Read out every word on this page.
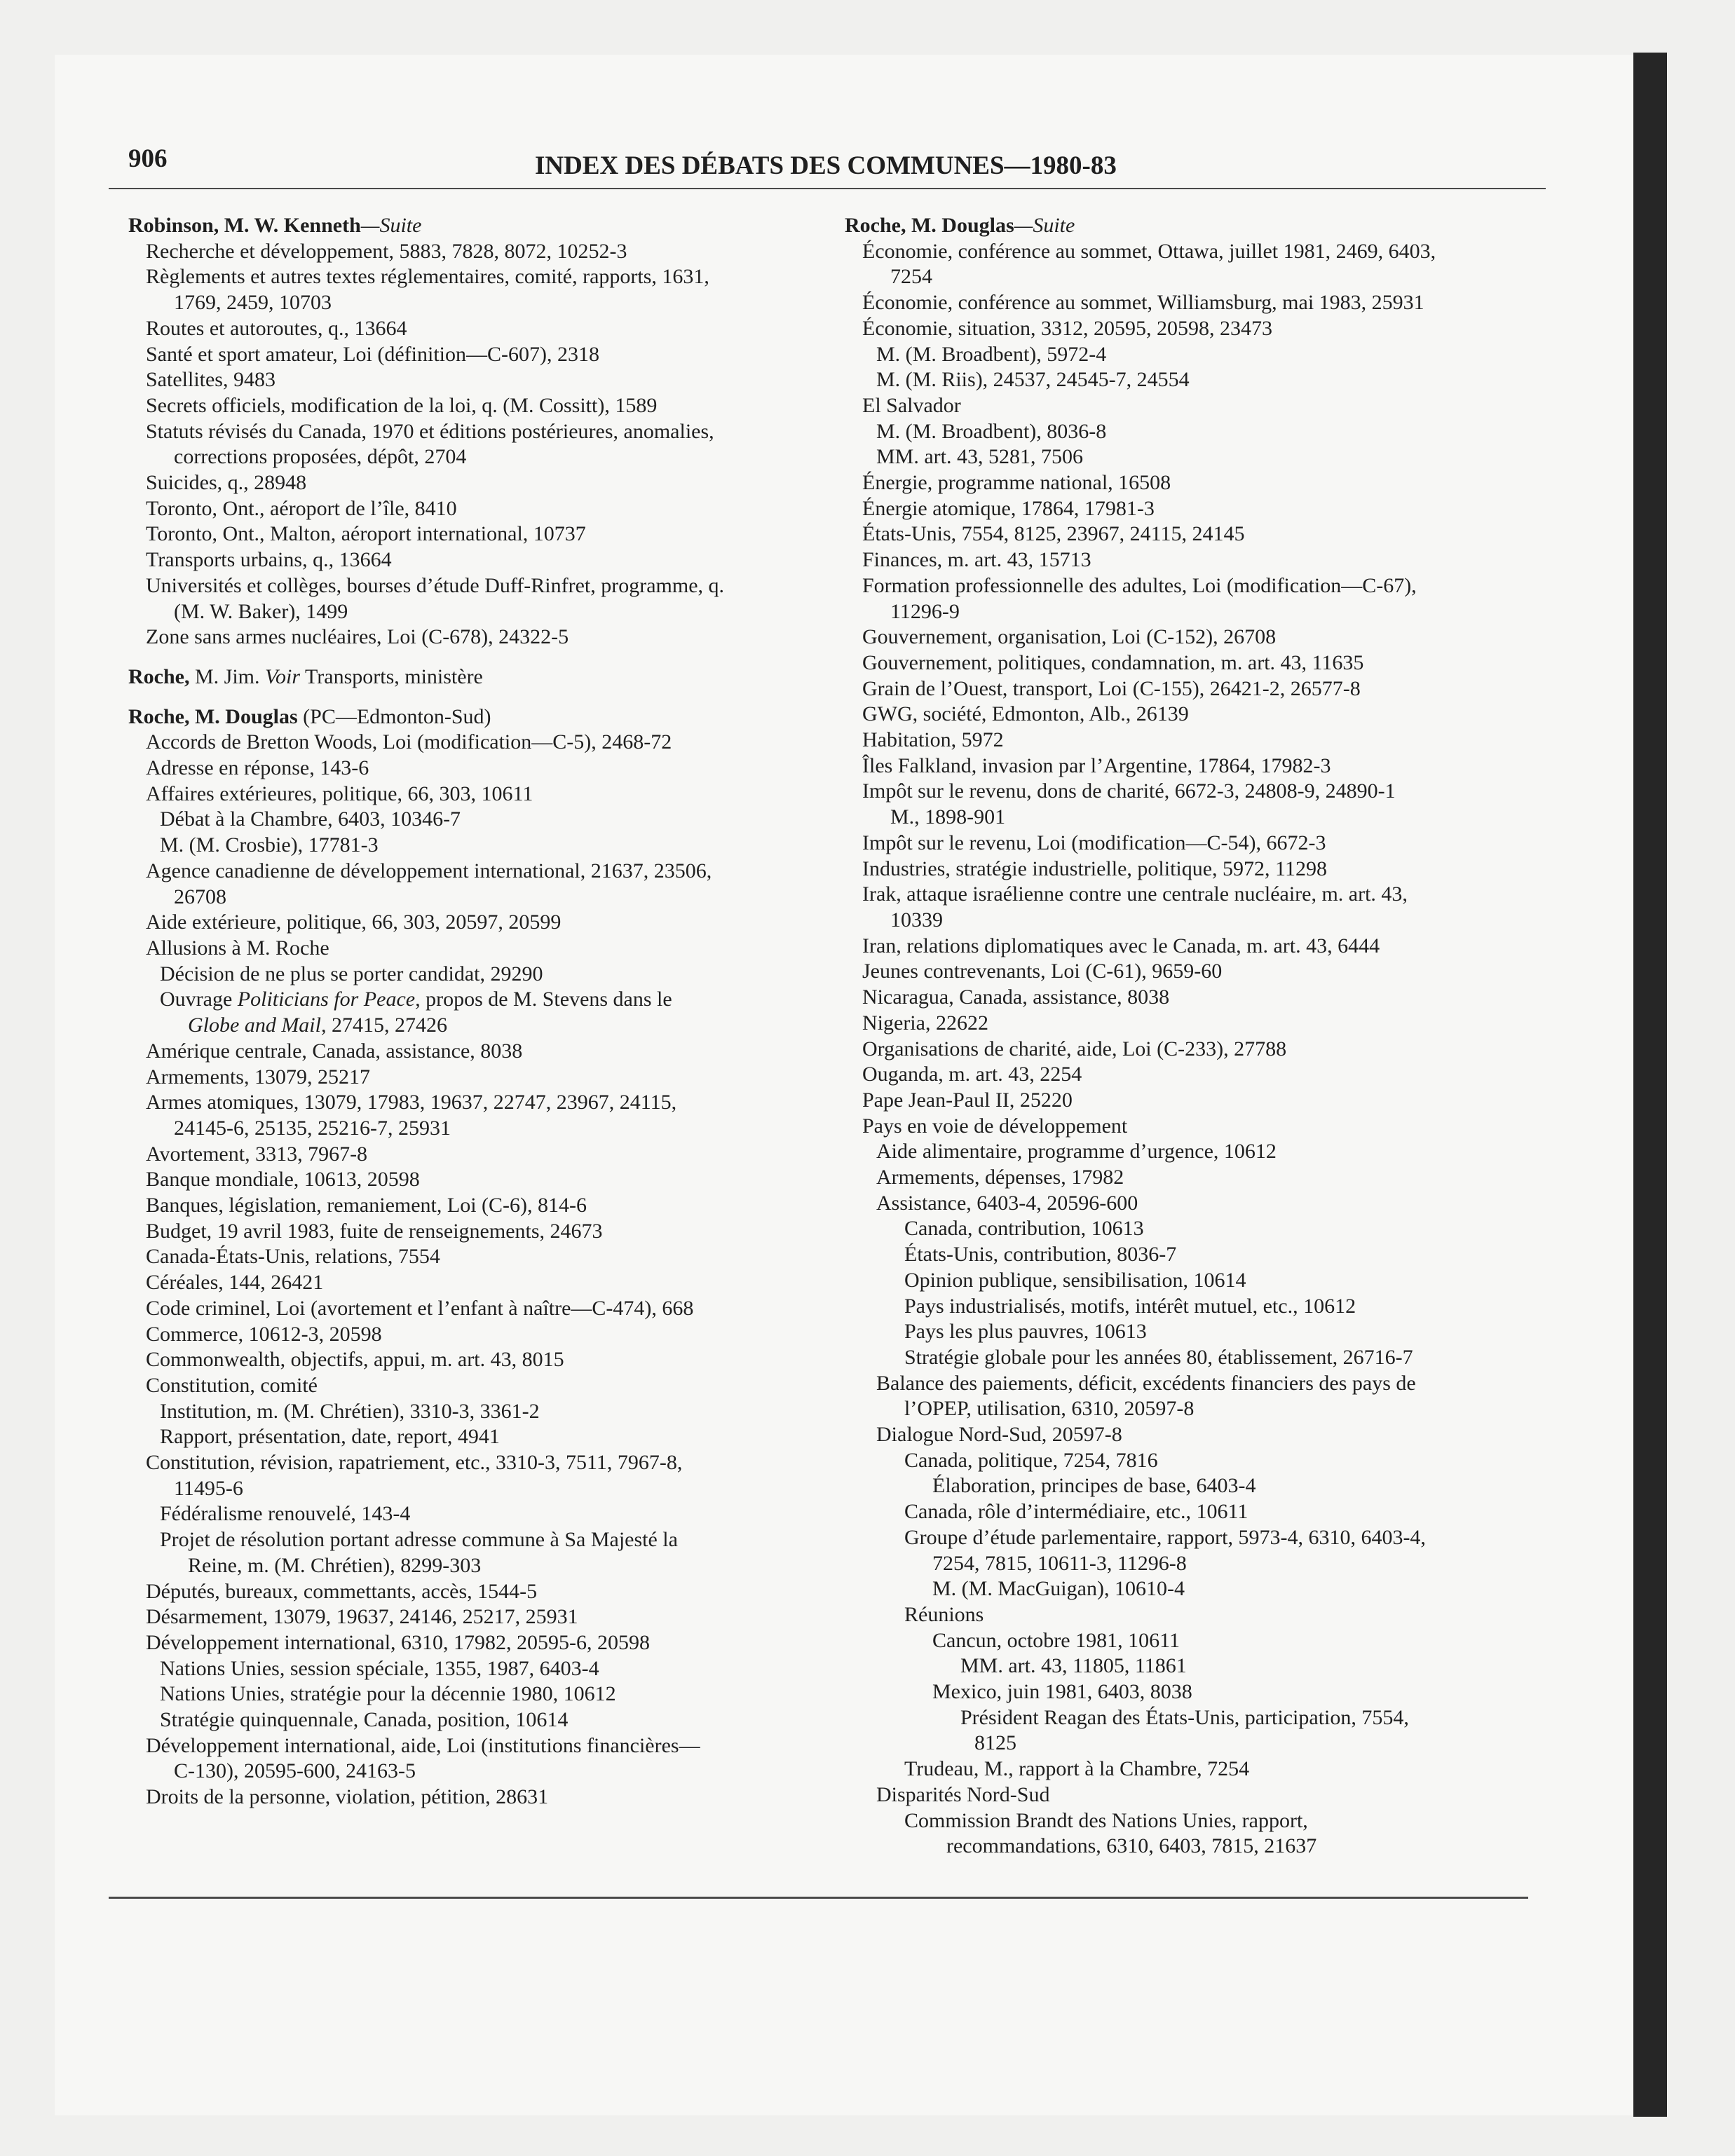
906	INDEX DES DÉBATS DES COMMUNES—1980-83
Robinson, M. W. Kenneth—Suite
Recherche et développement, 5883, 7828, 8072, 10252-3
Règlements et autres textes réglementaires, comité, rapports, 1631,
1769, 2459, 10703
Routes et autoroutes, q., 13664
Santé et sport amateur, Loi (définition—C-607), 2318
Satellites, 9483
Secrets officiels, modification de la loi, q. (M. Cossitt), 1589
Statuts révisés du Canada, 1970 et éditions postérieures, anomalies,
corrections proposées, dépôt, 2704
Suicides, q., 28948
Toronto, Ont., aéroport de l’île, 8410
Toronto, Ont., Malton, aéroport international, 10737
Transports urbains, q., 13664
Universités et collèges, bourses d’étude Duff-Rinfret, programme, q.
(M. W. Baker), 1499
Zone sans armes nucléaires, Loi (C-678), 24322-5
Roche, M. Jim. Voir Transports, ministère
Roche, M. Douglas (PC—Edmonton-Sud)
Accords de Bretton Woods, Loi (modification—C-5), 2468-72
Adresse en réponse, 143-6
Affaires extérieures, politique, 66, 303, 10611
Débat à la Chambre, 6403, 10346-7
M. (M. Crosbie), 17781-3
Agence canadienne de développement international, 21637, 23506,
26708
Aide extérieure, politique, 66, 303, 20597, 20599
Allusions à M. Roche
Décision de ne plus se porter candidat, 29290
Ouvrage Politicians for Peace, propos de M. Stevens dans le
Globe and Mail, 27415, 27426
Amérique centrale, Canada, assistance, 8038
Armements, 13079, 25217
Armes atomiques, 13079, 17983, 19637, 22747, 23967, 24115,
24145-6, 25135, 25216-7, 25931
Avortement, 3313, 7967-8
Banque mondiale, 10613, 20598
Banques, législation, remaniement, Loi (C-6), 814-6
Budget, 19 avril 1983, fuite de renseignements, 24673
Canada-États-Unis, relations, 7554
Céréales, 144, 26421
Code criminel, Loi (avortement et l’enfant à naître—C-474), 668
Commerce, 10612-3, 20598
Commonwealth, objectifs, appui, m. art. 43, 8015
Constitution, comité
Institution, m. (M. Chrétien), 3310-3, 3361-2
Rapport, présentation, date, report, 4941
Constitution, révision, rapatriement, etc., 3310-3, 7511, 7967-8,
11495-6
Fédéralisme renouvelé, 143-4
Projet de résolution portant adresse commune à Sa Majesté la
Reine, m. (M. Chrétien), 8299-303
Députés, bureaux, commettants, accès, 1544-5
Désarmement, 13079, 19637, 24146, 25217, 25931
Développement international, 6310, 17982, 20595-6, 20598
Nations Unies, session spéciale, 1355, 1987, 6403-4
Nations Unies, stratégie pour la décennie 1980, 10612
Stratégie quinquennale, Canada, position, 10614
Développement international, aide, Loi (institutions financières—
C-130), 20595-600, 24163-5
Droits de la personne, violation, pétition, 28631
Roche, M. Douglas—Suite
Économie, conférence au sommet, Ottawa, juillet 1981, 2469, 6403,
7254
Économie, conférence au sommet, Williamsburg, mai 1983, 25931
Économie, situation, 3312, 20595, 20598, 23473
M. (M. Broadbent), 5972-4
M. (M. Riis), 24537, 24545-7, 24554
El Salvador
M. (M. Broadbent), 8036-8
MM. art. 43, 5281, 7506
Énergie, programme national, 16508
Énergie atomique, 17864, 17981-3
États-Unis, 7554, 8125, 23967, 24115, 24145
Finances, m. art. 43, 15713
Formation professionnelle des adultes, Loi (modification—C-67),
11296-9
Gouvernement, organisation, Loi (C-152), 26708
Gouvernement, politiques, condamnation, m. art. 43, 11635
Grain de l’Ouest, transport, Loi (C-155), 26421-2, 26577-8
GWG, société, Edmonton, Alb., 26139
Habitation, 5972
Îles Falkland, invasion par l’Argentine, 17864, 17982-3
Impôt sur le revenu, dons de charité, 6672-3, 24808-9, 24890-1
M., 1898-901
Impôt sur le revenu, Loi (modification—C-54), 6672-3
Industries, stratégie industrielle, politique, 5972, 11298
Irak, attaque israélienne contre une centrale nucléaire, m. art. 43,
10339
Iran, relations diplomatiques avec le Canada, m. art. 43, 6444
Jeunes contrevenants, Loi (C-61), 9659-60
Nicaragua, Canada, assistance, 8038
Nigeria, 22622
Organisations de charité, aide, Loi (C-233), 27788
Ouganda, m. art. 43, 2254
Pape Jean-Paul II, 25220
Pays en voie de développement
Aide alimentaire, programme d’urgence, 10612
Armements, dépenses, 17982
Assistance, 6403-4, 20596-600
Canada, contribution, 10613
États-Unis, contribution, 8036-7
Opinion publique, sensibilisation, 10614
Pays industrialisés, motifs, intérêt mutuel, etc., 10612
Pays les plus pauvres, 10613
Stratégie globale pour les années 80, établissement, 26716-7
Balance des paiements, déficit, excédents financiers des pays de
l’OPEP, utilisation, 6310, 20597-8
Dialogue Nord-Sud, 20597-8
Canada, politique, 7254, 7816
Élaboration, principes de base, 6403-4
Canada, rôle d’intermédiaire, etc., 10611
Groupe d’étude parlementaire, rapport, 5973-4, 6310, 6403-4,
7254, 7815, 10611-3, 11296-8
M. (M. MacGuigan), 10610-4
Réunions
Cancun, octobre 1981, 10611
MM. art. 43, 11805, 11861
Mexico, juin 1981, 6403, 8038
Président Reagan des États-Unis, participation, 7554,
8125
Trudeau, M., rapport à la Chambre, 7254
Disparités Nord-Sud
Commission Brandt des Nations Unies, rapport,
recommandations, 6310, 6403, 7815, 21637
